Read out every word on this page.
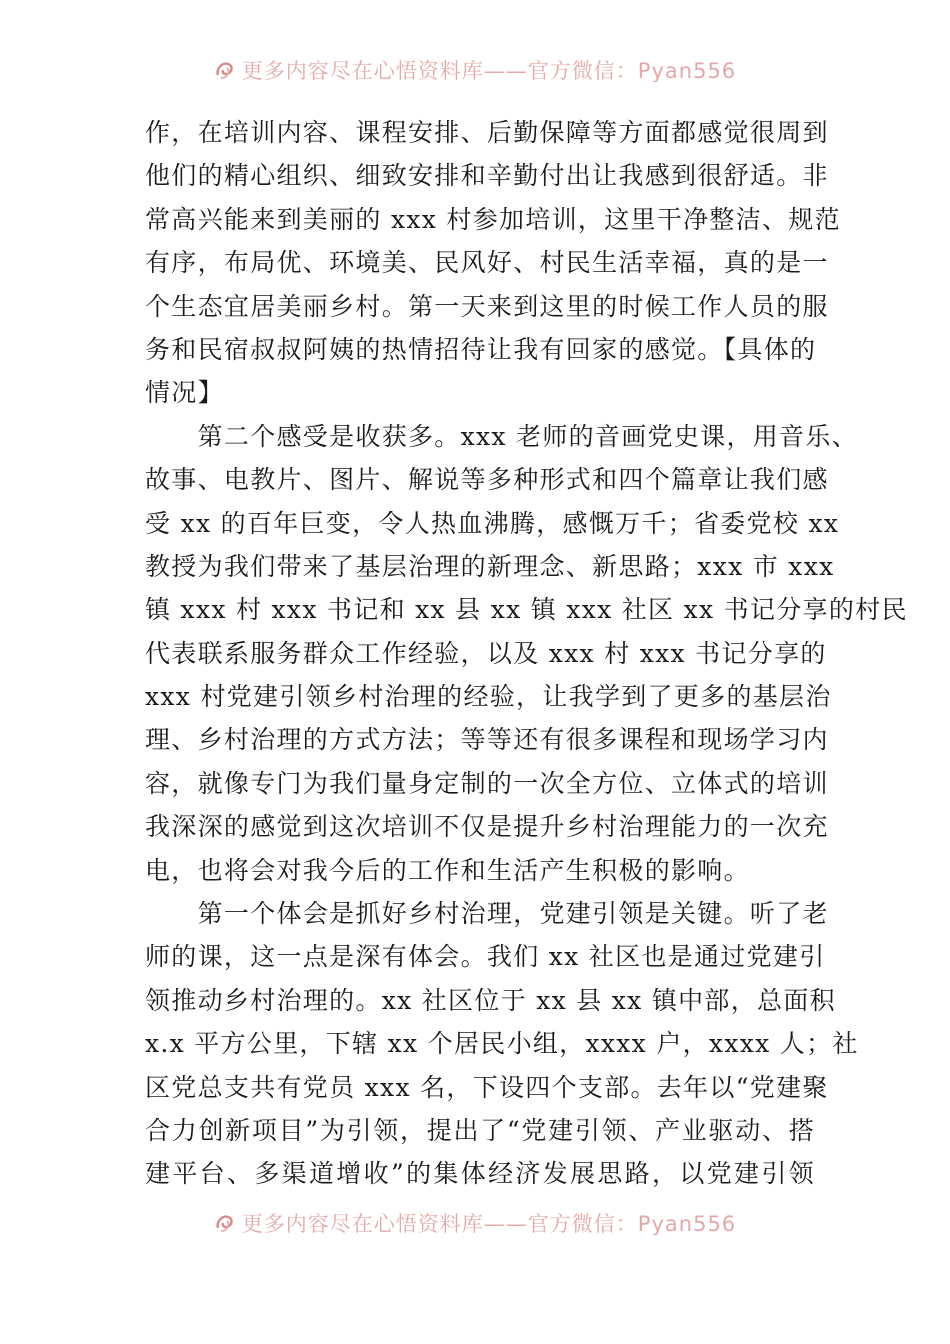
更多内容尽在心悟资料库——官方微信：Pyan556
作，在培训内容、课程安排、后勤保障等方面都感觉很周到
他们的精心组织、细致安排和辛勤付出让我感到很舒适。非
常高兴能来到美丽的 xxx 村参加培训，这里干净整洁、规范
有序，布局优、环境美、民风好、村民生活幸福，真的是一
个生态宜居美丽乡村。第一天来到这里的时候工作人员的服
务和民宿叔叔阿姨的热情招待让我有回家的感觉。【具体的
情况】
　　第二个感受是收获多。xxx 老师的音画党史课，用音乐、
故事、电教片、图片、解说等多种形式和四个篇章让我们感
受 xx 的百年巨变，令人热血沸腾，感慨万千；省委党校 xx
教授为我们带来了基层治理的新理念、新思路；xxx 市 xxx
镇 xxx 村 xxx 书记和 xx 县 xx 镇 xxx 社区 xx 书记分享的村民
代表联系服务群众工作经验，以及 xxx 村 xxx 书记分享的
xxx 村党建引领乡村治理的经验，让我学到了更多的基层治
理、乡村治理的方式方法；等等还有很多课程和现场学习内
容，就像专门为我们量身定制的一次全方位、立体式的培训
我深深的感觉到这次培训不仅是提升乡村治理能力的一次充
电，也将会对我今后的工作和生活产生积极的影响。
　　第一个体会是抓好乡村治理，党建引领是关键。听了老
师的课，这一点是深有体会。我们 xx 社区也是通过党建引
领推动乡村治理的。xx 社区位于 xx 县 xx 镇中部，总面积
x.x 平方公里，下辖 xx 个居民小组，xxxx 户，xxxx 人；社
区党总支共有党员 xxx 名，下设四个支部。去年以“党建聚
合力创新项目”为引领，提出了“党建引领、产业驱动、搭
建平台、多渠道增收”的集体经济发展思路，以党建引领
更多内容尽在心悟资料库——官方微信：Pyan556
